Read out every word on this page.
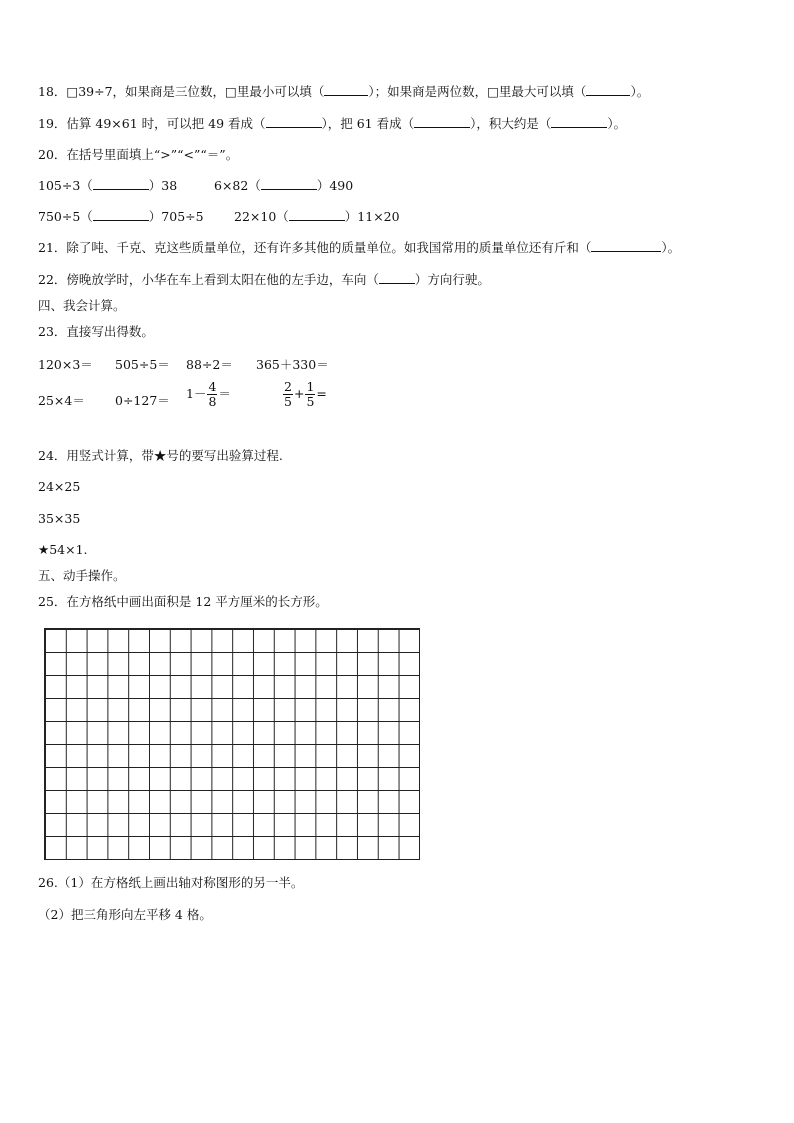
18．□39÷7，如果商是三位数，□里最小可以填（	）；如果商是两位数，□里最大可以填（	）。
19．估算 49×61 时，可以把 49 看成（	），把 61 看成（	），积大约是（	）。
20．在括号里面填上“>”“<”“＝”。
105÷3（	）38	6×82（	）490
750÷5（	）705÷5 22×10（	）11×20
21．除了吨、千克、克这些质量单位，还有许多其他的质量单位。如我国常用的质量单位还有斤和（	）。
22．傍晚放学时，小华在车上看到太阳在他的左手边，车向（	）方向行驶。
四、我会计算。
23．直接写出得数。
120×3＝ 505÷5＝ 88÷2＝ 365＋330＝
$25\times 4= 0\div 127= 1- \frac{4}{8}$ ＝	$\frac{2}{5} + \frac{1}{5}$ =
24．用竖式计算，带★号的要写出验算过程.
24×25
35×35
★54×1.
五、动手操作。
25．在方格纸中画出面积是 12 平方厘米的长方形。
26.（1）在方格纸上画出轴对称图形的另一半。
（2）把三角形向左平移 4 格。
